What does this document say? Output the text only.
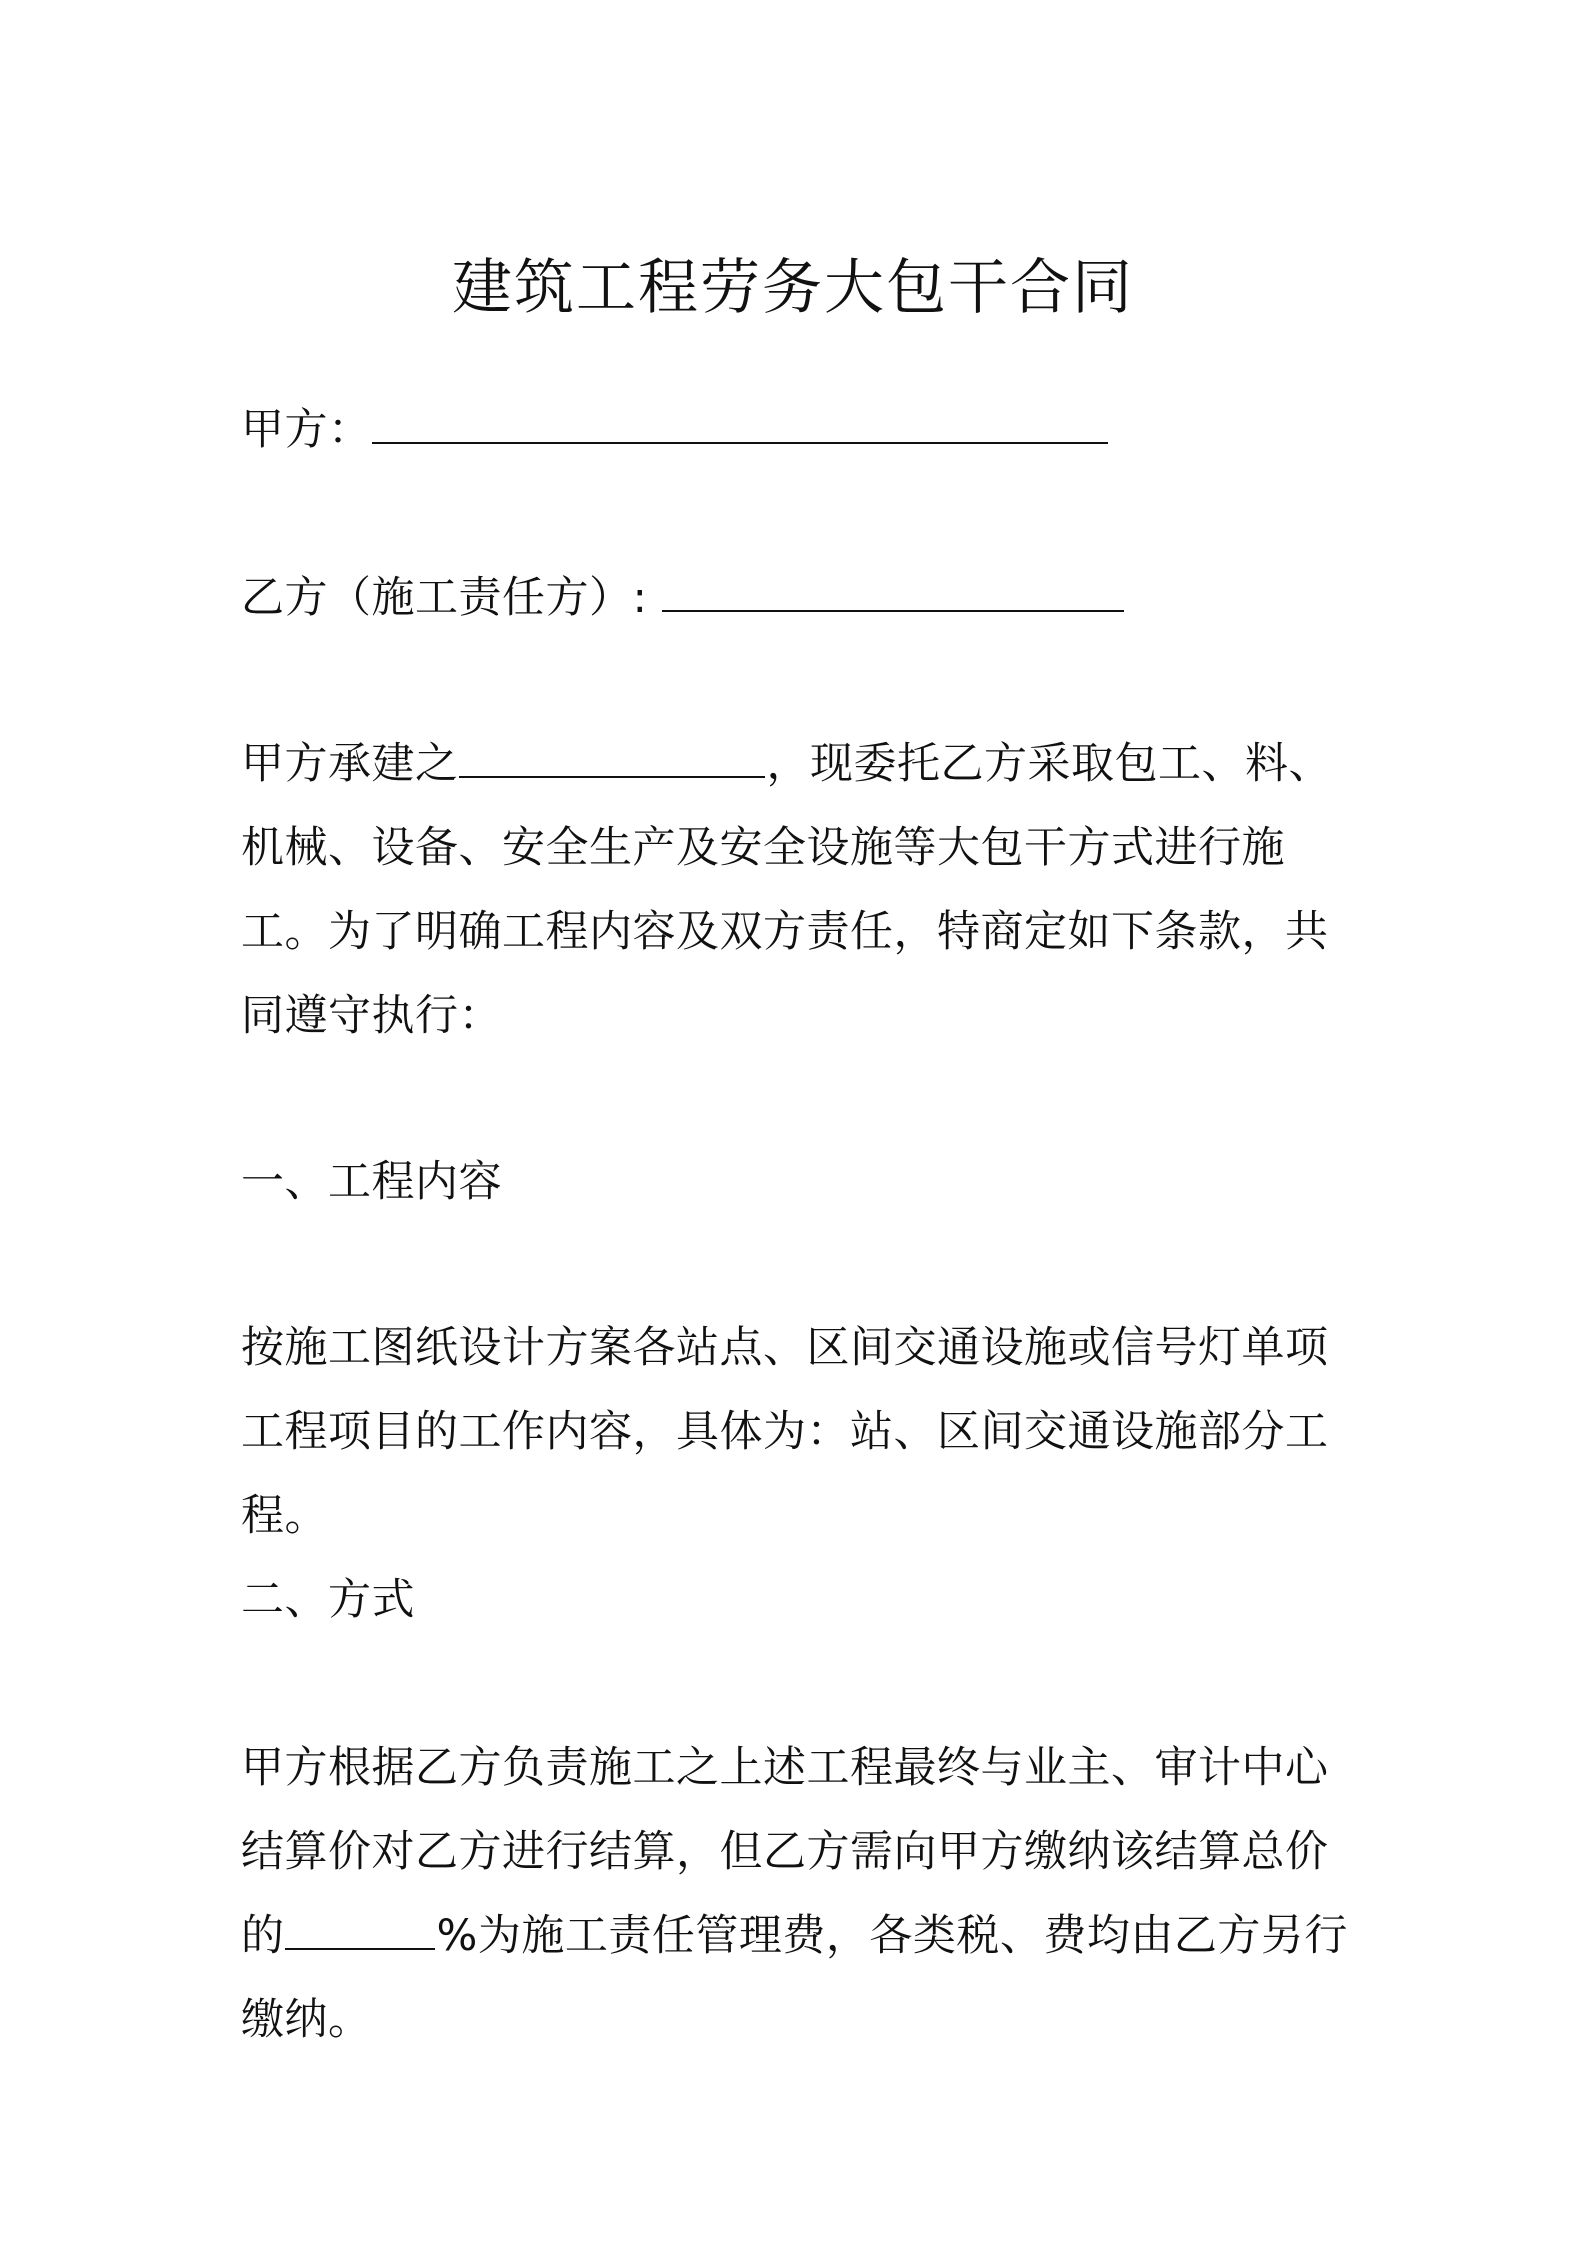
建筑工程劳务大包干合同
甲方：
乙方（施工责任方）:
甲方承建之	，现委托乙方采取包工、料、机械、设备、安全生产及安全设施等大包干方式进行施工。为了明确工程内容及双方责任，特商定如下条款，共同遵守执行：
一、工程内容
按施工图纸设计方案各站点、区间交通设施或信号灯单项工程项目的工作内容，具体为：站、区间交通设施部分工程。
二、方式
甲方根据乙方负责施工之上述工程最终与业主、审计中心结算价对乙方进行结算，但乙方需向甲方缴纳该结算总价的	%为施工责任管理费，各类税、费均由乙方另行缴纳。
